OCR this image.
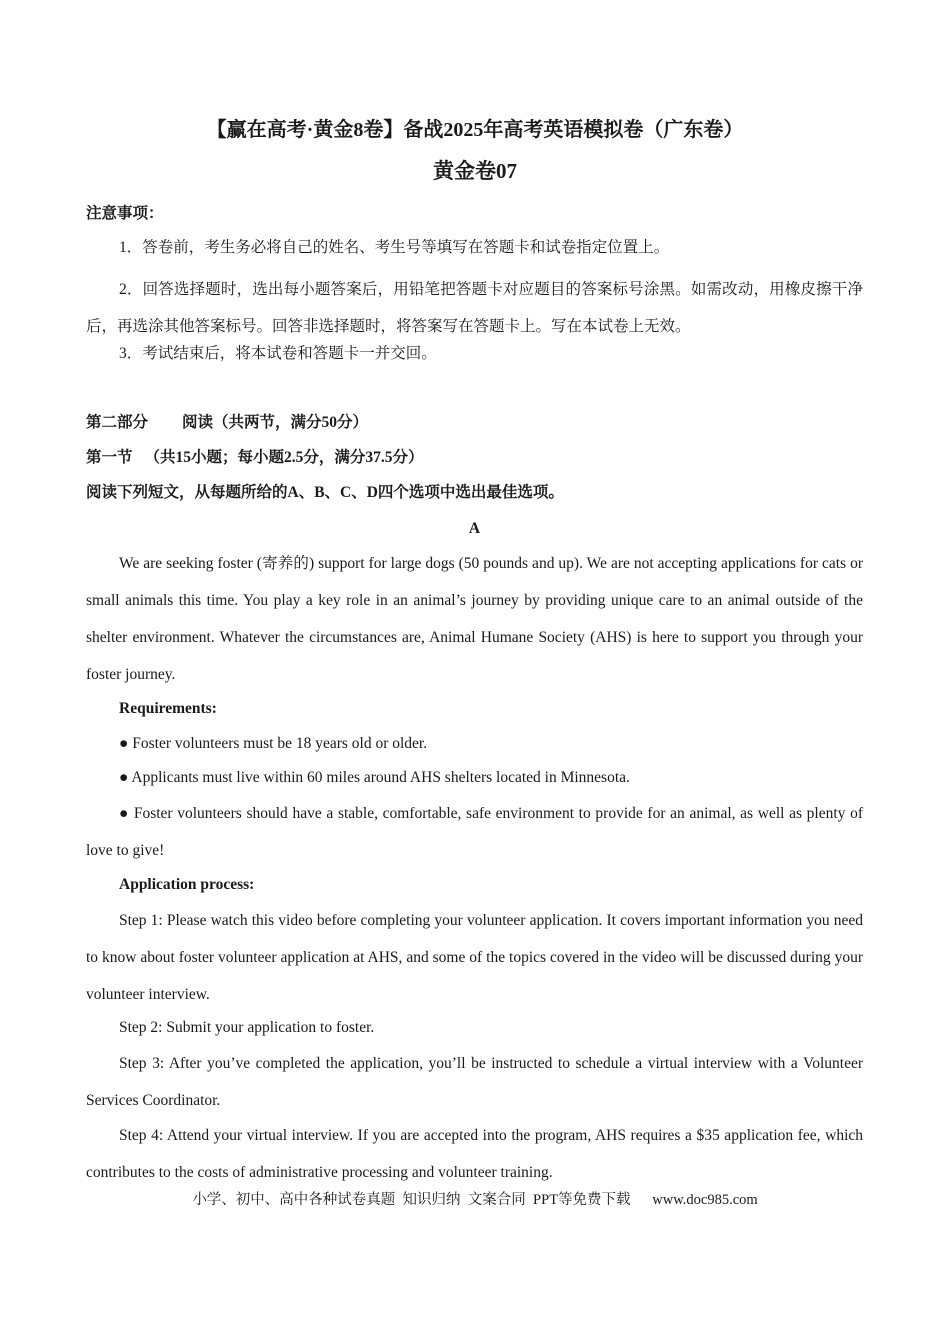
【赢在高考·黄金8卷】备战2025年高考英语模拟卷（广东卷）
黄金卷07
注意事项：
1．答卷前，考生务必将自己的姓名、考生号等填写在答题卡和试卷指定位置上。
2．回答选择题时，选出每小题答案后，用铅笔把答题卡对应题目的答案标号涂黑。如需改动，用橡皮擦干净后，再选涂其他答案标号。回答非选择题时，将答案写在答题卡上。写在本试卷上无效。
3．考试结束后，将本试卷和答题卡一并交回。
第二部分 阅读（共两节，满分50分）
第一节 （共15小题；每小题2.5分，满分37.5分）
阅读下列短文，从每题所给的A、B、C、D四个选项中选出最佳选项。
A
We are seeking foster (寄养的) support for large dogs (50 pounds and up). We are not accepting applications for cats or small animals this time. You play a key role in an animal’s journey by providing unique care to an animal outside of the shelter environment. Whatever the circumstances are, Animal Humane Society (AHS) is here to support you through your foster journey.
Requirements:
● Foster volunteers must be 18 years old or older.
● Applicants must live within 60 miles around AHS shelters located in Minnesota.
● Foster volunteers should have a stable, comfortable, safe environment to provide for an animal, as well as plenty of love to give!
Application process:
Step 1: Please watch this video before completing your volunteer application. It covers important information you need to know about foster volunteer application at AHS, and some of the topics covered in the video will be discussed during your volunteer interview.
Step 2: Submit your application to foster.
Step 3: After you’ve completed the application, you’ll be instructed to schedule a virtual interview with a Volunteer Services Coordinator.
Step 4: Attend your virtual interview. If you are accepted into the program, AHS requires a $35 application fee, which contributes to the costs of administrative processing and volunteer training.
小学、初中、高中各种试卷真题  知识归纳  文案合同  PPT等免费下载      www.doc985.com
